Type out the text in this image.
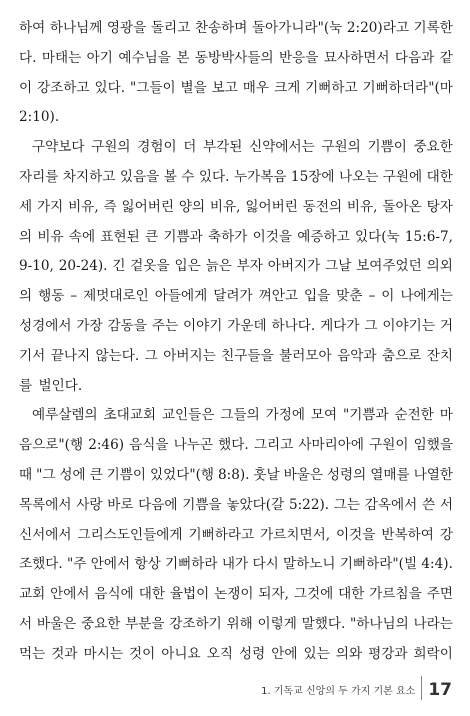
하여 하나님께 영광을 돌리고 찬송하며 돌아가니라"(눅 2:20)라고 기록한
다. 마태는 아기 예수님을 본 동방박사들의 반응을 묘사하면서 다음과 같
이 강조하고 있다. "그들이 별을 보고 매우 크게 기뻐하고 기뻐하더라"(마
2:10).
구약보다 구원의 경험이 더 부각된 신약에서는 구원의 기쁨이 중요한
자리를 차지하고 있음을 볼 수 있다. 누가복음 15장에 나오는 구원에 대한
세 가지 비유, 즉 잃어버린 양의 비유, 잃어버린 동전의 비유, 돌아온 탕자
의 비유 속에 표현된 큰 기쁨과 축하가 이것을 예증하고 있다(눅 15:6-7,
9-10, 20-24). 긴 겉옷을 입은 늙은 부자 아버지가 그날 보여주었던 의외
의 행동 – 제멋대로인 아들에게 달려가 껴안고 입을 맞춘 – 이 나에게는
성경에서 가장 감동을 주는 이야기 가운데 하나다. 게다가 그 이야기는 거
기서 끝나지 않는다. 그 아버지는 친구들을 불러모아 음악과 춤으로 잔치
를 벌인다.
예루살렘의 초대교회 교인들은 그들의 가정에 모여 "기쁨과 순전한 마
음으로"(행 2:46) 음식을 나누곤 했다. 그리고 사마리아에 구원이 임했을
때 "그 성에 큰 기쁨이 있었다"(행 8:8). 훗날 바울은 성령의 열매를 나열한
목록에서 사랑 바로 다음에 기쁨을 놓았다(갈 5:22). 그는 감옥에서 쓴 서
신서에서 그리스도인들에게 기뻐하라고 가르치면서, 이것을 반복하여 강
조했다. "주 안에서 항상 기뻐하라 내가 다시 말하노니 기뻐하라"(빌 4:4).
교회 안에서 음식에 대한 율법이 논쟁이 되자, 그것에 대한 가르침을 주면
서 바울은 중요한 부분을 강조하기 위해 이렇게 말했다. "하나님의 나라는
먹는 것과 마시는 것이 아니요 오직 성령 안에 있는 의와 평강과 희락이
1. 기독교 신앙의 두 가지 기본 요소 17
